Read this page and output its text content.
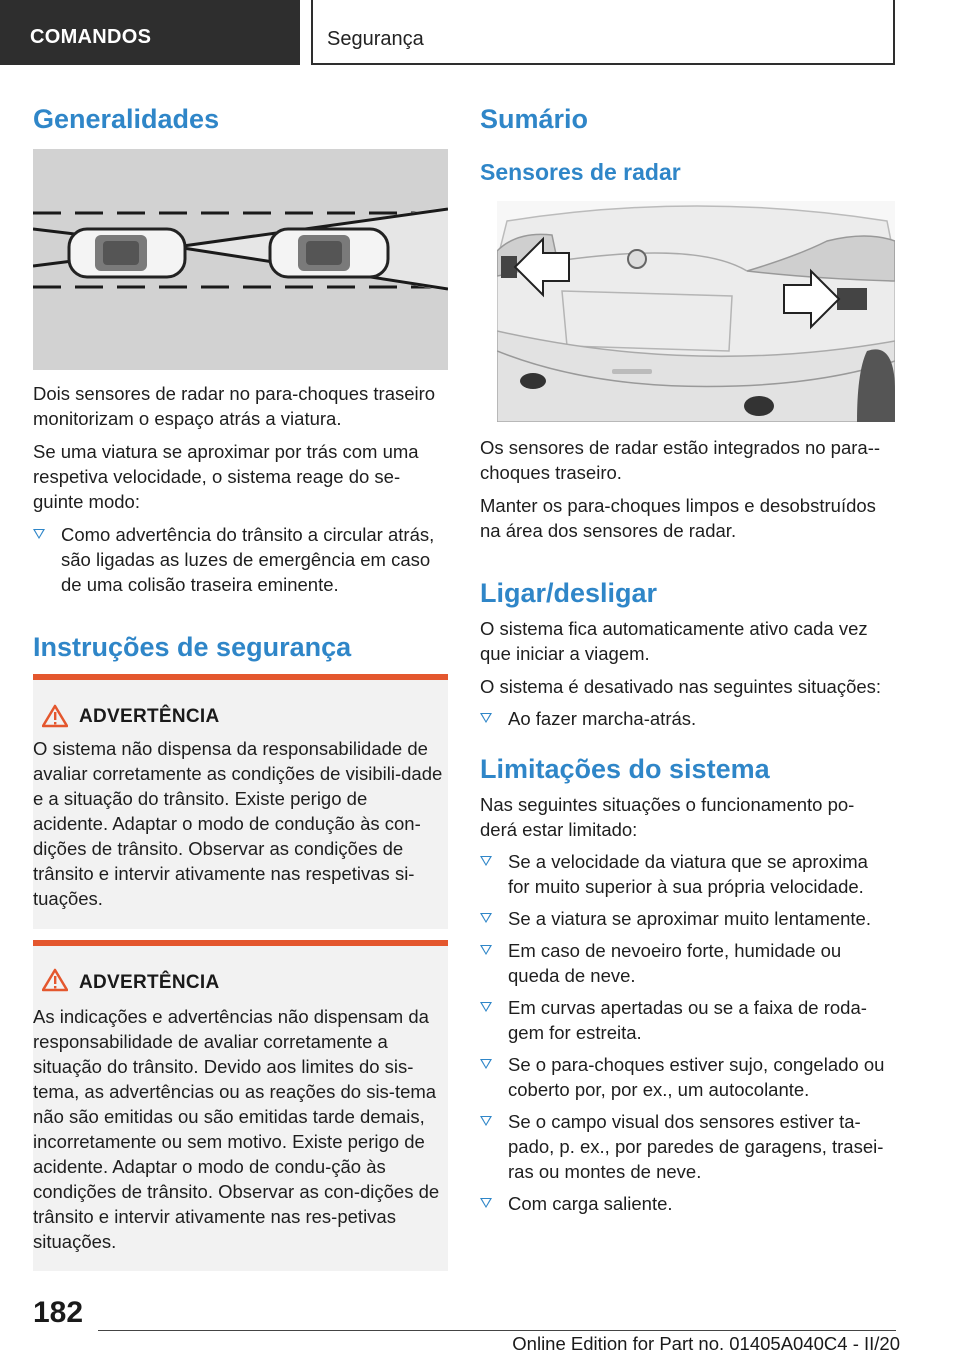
COMANDOS	Segurança
Generalidades

Dois sensores de radar no para-choques traseiro monitorizam o espaço atrás a viatura.

Se uma viatura se aproximar por trás com uma respetiva velocidade, o sistema reage do se-guinte modo:

Como advertência do trânsito a circular atrás, são ligadas as luzes de emergência em caso de uma colisão traseira eminente.
Instruções de segurança
ADVERTÊNCIA
O sistema não dispensa da responsabilidade de avaliar corretamente as condições de visibili-dade e a situação do trânsito. Existe perigo de acidente. Adaptar o modo de condução às con-dições de trânsito. Observar as condições de trânsito e intervir ativamente nas respetivas si-tuações.
ADVERTÊNCIA
As indicações e advertências não dispensam da responsabilidade de avaliar corretamente a situação do trânsito. Devido aos limites do sis-tema, as advertências ou as reações do sis-tema não são emitidas ou são emitidas tarde demais, incorretamente ou sem motivo. Existe perigo de acidente. Adaptar o modo de condu-ção às condições de trânsito. Observar as con-dições de trânsito e intervir ativamente nas res-petivas situações.
Sumário
Sensores de radar

Os sensores de radar estão integrados no para--choques traseiro.

Manter os para-choques limpos e desobstruídos na área dos sensores de radar.

Ligar/desligar

O sistema fica automaticamente ativo cada vez que iniciar a viagem.

O sistema é desativado nas seguintes situações:

Ao fazer marcha-atrás.
Limitações do sistema

Nas seguintes situações o funcionamento po-derá estar limitado:

Se a velocidade da viatura que se aproxima for muito superior à sua própria velocidade.
Se a viatura se aproximar muito lentamente.
Em caso de nevoeiro forte, humidade ou queda de neve.
Em curvas apertadas ou se a faixa de roda-gem for estreita.
Se o para-choques estiver sujo, congelado ou coberto por, por ex., um autocolante.
Se o campo visual dos sensores estiver ta-pado, p. ex., por paredes de garagens, trasei-ras ou montes de neve.
Com carga saliente.
182
Online Edition for Part no. 01405A040C4 - II/20
